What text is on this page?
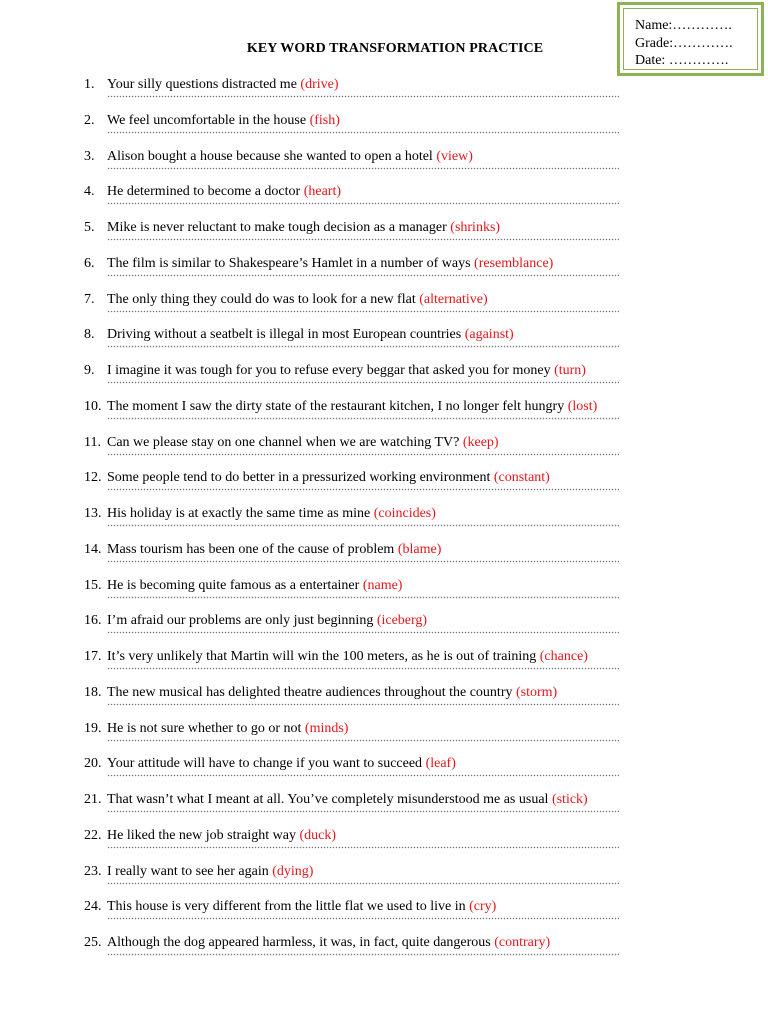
Name:………….
Grade:………….
Date: ………….
KEY WORD TRANSFORMATION PRACTICE
1. Your silly questions distracted me (drive)
2. We feel uncomfortable in the house (fish)
3. Alison bought a house because she wanted to open a hotel (view)
4. He determined to become a doctor (heart)
5. Mike is never reluctant to make tough decision as a manager (shrinks)
6. The film is similar to Shakespeare’s Hamlet in a number of ways (resemblance)
7. The only thing they could do was to look for a new flat (alternative)
8. Driving without a seatbelt is illegal in most European countries (against)
9. I imagine it was tough for you to refuse every beggar that asked you for money (turn)
10. The moment I saw the dirty state of the restaurant kitchen, I no longer felt hungry (lost)
11. Can we please stay on one channel when we are watching TV? (keep)
12. Some people tend to do better in a pressurized working environment (constant)
13. His holiday is at exactly the same time as mine (coincides)
14. Mass tourism has been one of the cause of problem (blame)
15. He is becoming quite famous as a entertainer (name)
16. I’m afraid our problems are only just beginning (iceberg)
17. It’s very unlikely that Martin will win the 100 meters, as he is out of training (chance)
18. The new musical has delighted theatre audiences throughout the country (storm)
19. He is not sure whether to go or not (minds)
20. Your attitude will have to change if you want to succeed (leaf)
21. That wasn’t what I meant at all. You’ve completely misunderstood me as usual (stick)
22. He liked the new job straight way (duck)
23. I really want to see her again (dying)
24. This house is very different from the little flat we used to live in (cry)
25. Although the dog appeared harmless, it was, in fact, quite dangerous (contrary)
